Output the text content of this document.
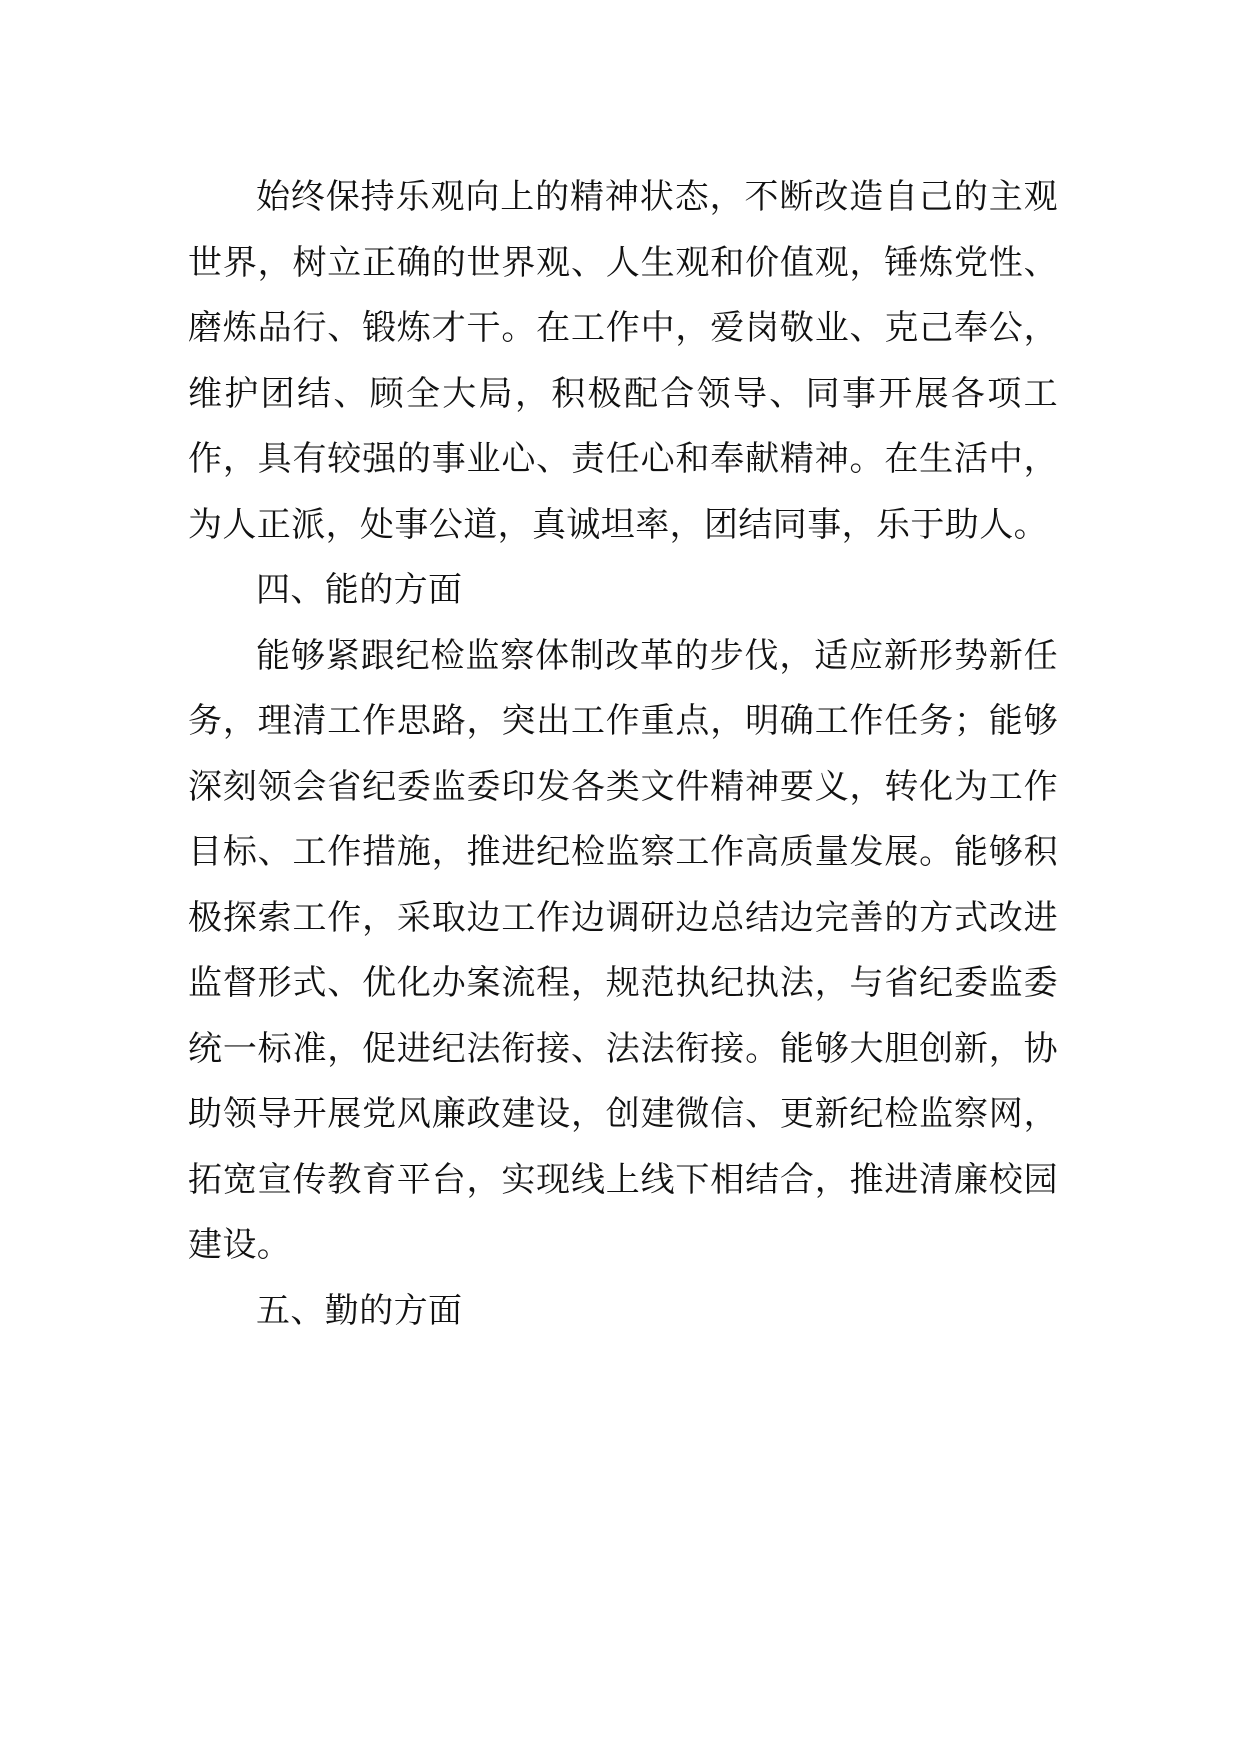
始终保持乐观向上的精神状态，不断改造自己的主观世界，树立正确的世界观、人生观和价值观，锤炼党性、磨炼品行、锻炼才干。在工作中，爱岗敬业、克己奉公，维护团结、顾全大局，积极配合领导、同事开展各项工作，具有较强的事业心、责任心和奉献精神。在生活中，为人正派，处事公道，真诚坦率，团结同事，乐于助人。

四、能的方面

能够紧跟纪检监察体制改革的步伐，适应新形势新任务，理清工作思路，突出工作重点，明确工作任务；能够深刻领会省纪委监委印发各类文件精神要义，转化为工作目标、工作措施，推进纪检监察工作高质量发展。能够积极探索工作，采取边工作边调研边总结边完善的方式改进监督形式、优化办案流程，规范执纪执法，与省纪委监委统一标准，促进纪法衔接、法法衔接。能够大胆创新，协助领导开展党风廉政建设，创建微信、更新纪检监察网，拓宽宣传教育平台，实现线上线下相结合，推进清廉校园建设。

五、勤的方面
